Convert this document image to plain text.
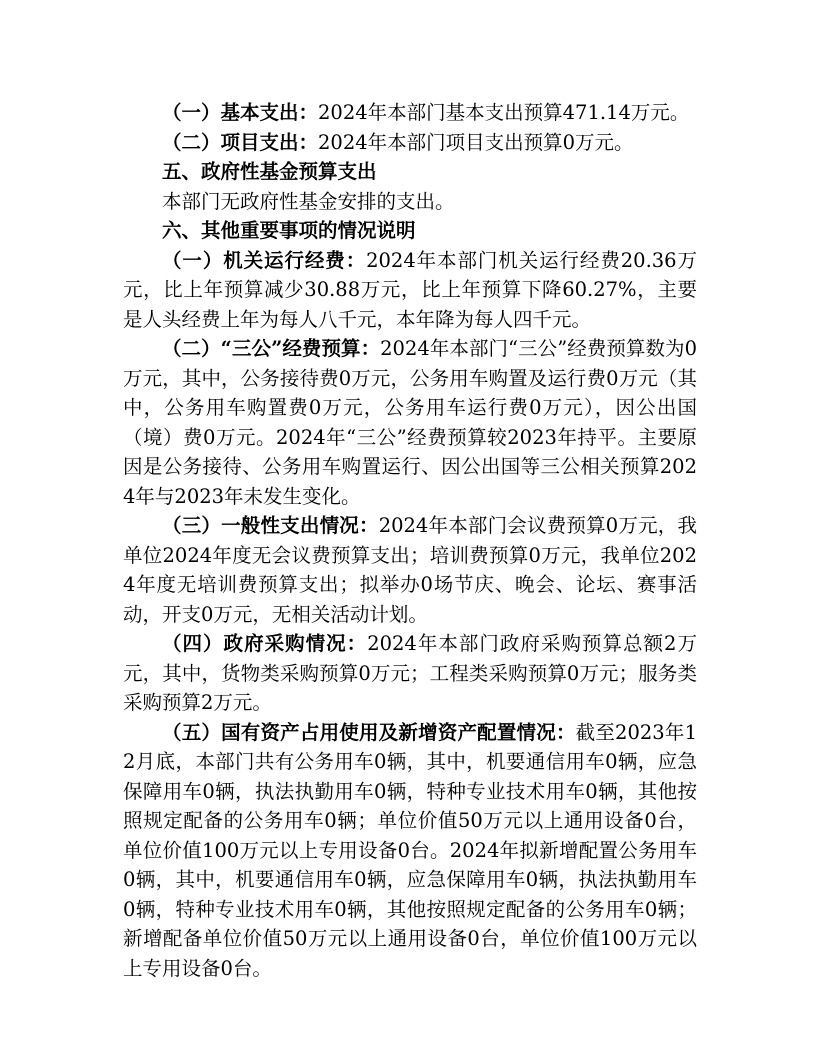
（一）基本支出：2024年本部门基本支出预算471.14万元。

（二）项目支出：2024年本部门项目支出预算0万元。

五、政府性基金预算支出

本部门无政府性基金安排的支出。

六、其他重要事项的情况说明

（一）机关运行经费：2024年本部门机关运行经费20.36万元，比上年预算减少30.88万元，比上年预算下降60.27%，主要是人头经费上年为每人八千元，本年降为每人四千元。

（二）“三公”经费预算：2024年本部门“三公”经费预算数为0万元，其中，公务接待费0万元，公务用车购置及运行费0万元（其中，公务用车购置费0万元，公务用车运行费0万元），因公出国（境）费0万元。2024年“三公”经费预算较2023年持平。主要原因是公务接待、公务用车购置运行、因公出国等三公相关预算2024年与2023年未发生变化。

（三）一般性支出情况：2024年本部门会议费预算0万元，我单位2024年度无会议费预算支出；培训费预算0万元，我单位2024年度无培训费预算支出；拟举办0场节庆、晚会、论坛、赛事活动，开支0万元，无相关活动计划。

（四）政府采购情况：2024年本部门政府采购预算总额2万元，其中，货物类采购预算0万元；工程类采购预算0万元；服务类采购预算2万元。

（五）国有资产占用使用及新增资产配置情况：截至2023年12月底，本部门共有公务用车0辆，其中，机要通信用车0辆，应急保障用车0辆，执法执勤用车0辆，特种专业技术用车0辆，其他按照规定配备的公务用车0辆；单位价值50万元以上通用设备0台，单位价值100万元以上专用设备0台。2024年拟新增配置公务用车0辆，其中，机要通信用车0辆，应急保障用车0辆，执法执勤用车0辆，特种专业技术用车0辆，其他按照规定配备的公务用车0辆；新增配备单位价值50万元以上通用设备0台，单位价值100万元以上专用设备0台。
